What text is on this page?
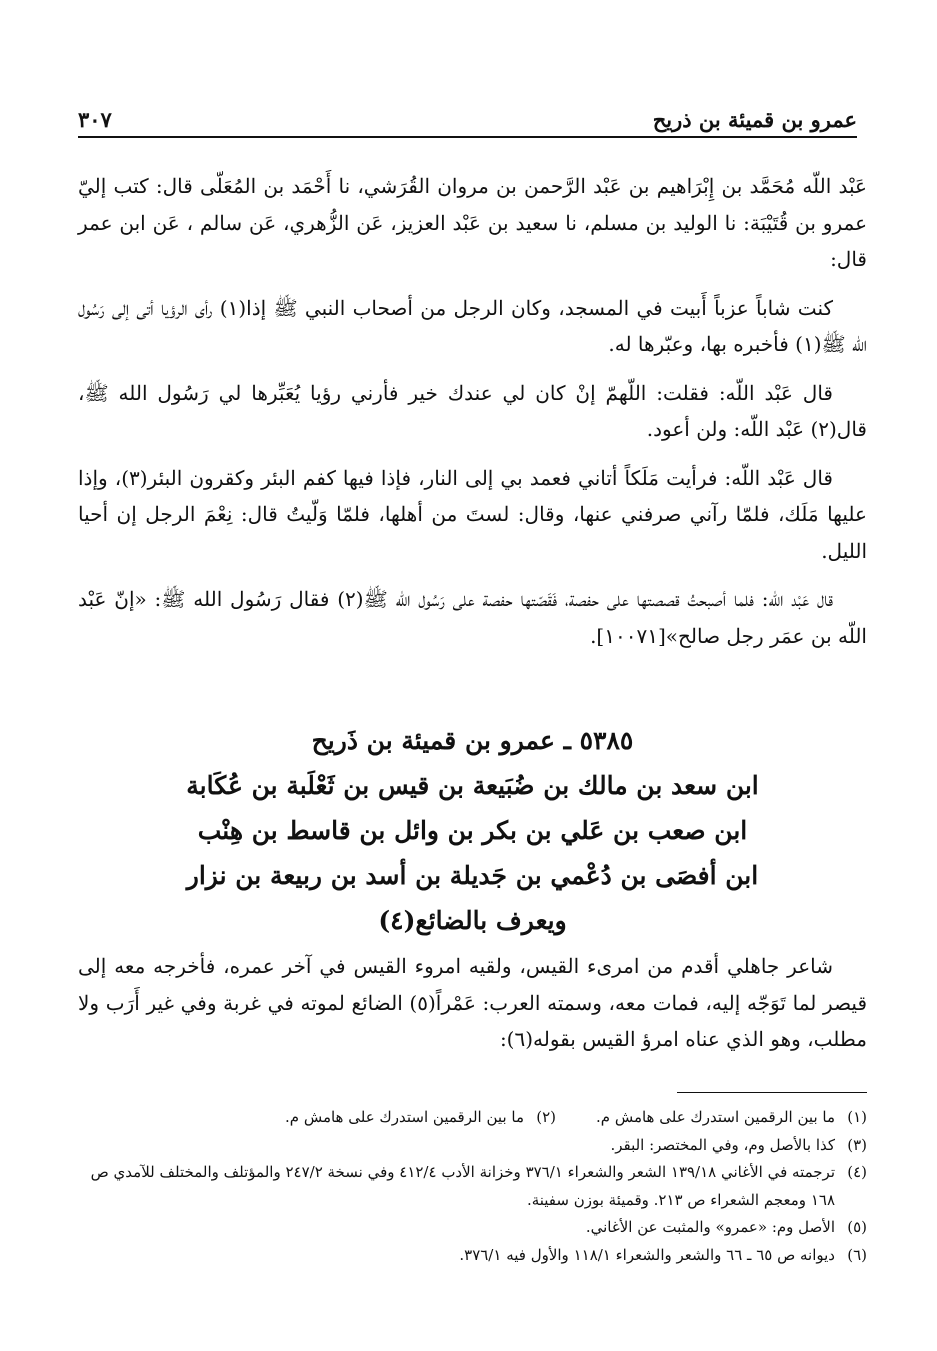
٣٠٧	عمرو بن قميئة بن ذريح

عَبْد اللّه مُحَمَّد بن إِبْرَاهيم بن عَبْد الرَّحمن بن مروان القُرَشي، نا أَحْمَد بن المُعَلّى قال: كتب إليّ عمرو بن قُتَيْبَة: نا الوليد بن مسلم، نا سعيد بن عَبْد العزيز، عَن الزُّهري، عَن سالم ، عَن ابن عمر قال:

كنت شاباً عزباً أَبيت في المسجد، وكان الرجل من أصحاب النبي ﷺ إذا(١) رأى الرؤيا أتى إلى رَسُول الله ﷺ(١) فأخبره بها، وعبّرها له.

قال عَبْد اللّه: فقلت: اللّهمّ إنْ كان لي عندك خير فأرني رؤيا يُعَبِّرها لي رَسُول الله ﷺ، قال(٢) عَبْد اللّه: ولن أعود.

قال عَبْد اللّه: فرأيت مَلَكاً أتاني فعمد بي إلى النار، فإذا فيها كفم البئر وكقرون البئر(٣)، وإذا عليها مَلَك، فلمّا رآني صرفني عنها، وقال: لستَ من أهلها، فلمّا وَلّيتُ قال: نِعْمَ الرجل إن أحيا الليل.

قال عَبْد اللّه: فلما أصبحتُ قصصتها على حفصة، فَقَصّتها حفصة على رَسُول الله ﷺ(٢) فقال رَسُول الله ﷺ: «إنّ عَبْد اللّه بن عمَر رجل صالح»[١٠٠٧١].

٥٣٨٥ ـ عمرو بن قميئة بن ذَريح
ابن سعد بن مالك بن ضُبَيعة بن قيس بن ثَعْلَبة بن عُكَابة
ابن صعب بن عَلي بن بكر بن وائل بن قاسط بن هِنْب
ابن أفصَى بن دُعْمي بن جَديلة بن أسد بن ربيعة بن نزار
ويعرف بالضائع(٤)

شاعر جاهلي أقدم من امرىء القيس، ولقيه امروء القيس في آخر عمره، فأخرجه معه إلى قيصر لما تَوَجّه إليه، فمات معه، وسمته العرب: عَمْراً(٥) الضائع لموته في غربة وفي غير أَرَب ولا مطلب، وهو الذي عناه امرؤ القيس بقوله(٦):

(١)
ما بين الرقمين استدرك على هامش م.
(٢)
ما بين الرقمين استدرك على هامش م.
(٣)
كذا بالأصل وم، وفي المختصر: البقر.
(٤)
ترجمته في الأغاني ١٣٩/١٨ الشعر والشعراء ٣٧٦/١ وخزانة الأدب ٤١٢/٤ وفي نسخة ٢٤٧/٢ والمؤتلف والمختلف للآمدي ص ١٦٨ ومعجم الشعراء ص ٢١٣. وقميئة بوزن سفينة.
(٥)
الأصل وم: «عمرو» والمثبت عن الأغاني.
(٦)
ديوانه ص ٦٥ ـ ٦٦ والشعر والشعراء ١١٨/١ والأول فيه ٣٧٦/١.
